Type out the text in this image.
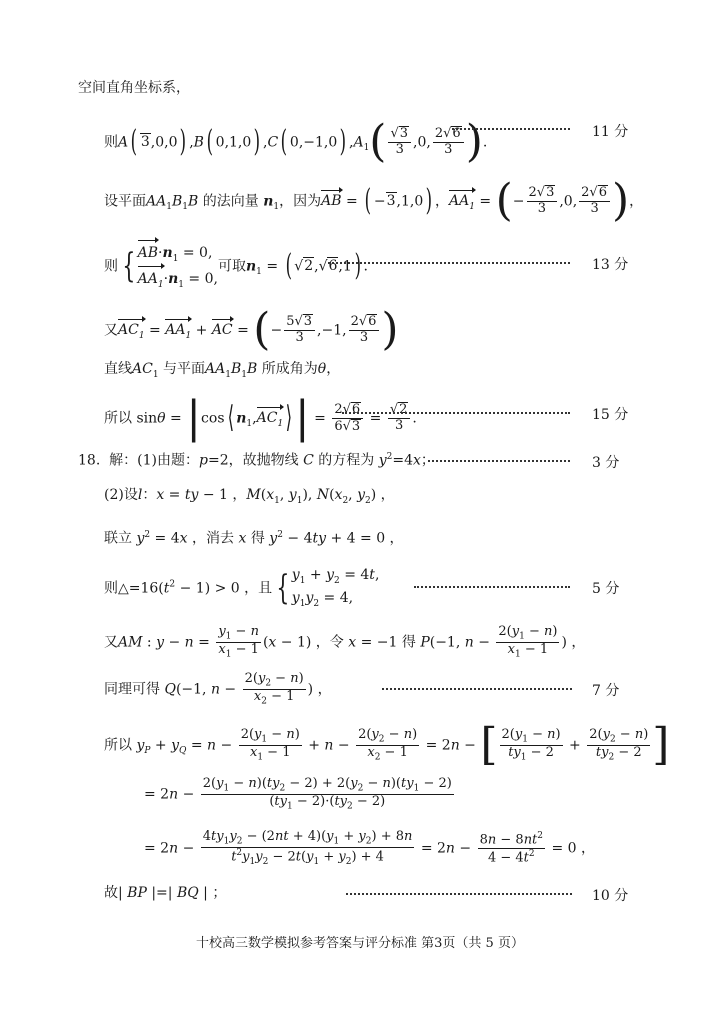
空间直角坐标系，
则A( 3,0,0) ,B( 0,1,0) ,C( 0,−1,0) $,A_1( \frac{√3}{3} ,0$, $\frac{2√6}{3}$ ).
11 分
设平面$AA_1B_1B$ 的法向量 $n_1$，因为AB = ( −3,1,0) ，$AA_1$ = (− $\frac{2√3}{3} ,0$, $\frac{2√6}{3}$ )，
则 { $AB\cdot n_1 = 0$,
$AA_1\cdot n_1 = 0$,
可取$n_1$ = ( √2,√6,1) .	13 分
又$AC_1 = AA_1$ + AC = (− $\frac{5√3}{3} ,-1$, $\frac{2√6}{3}$ )
直线$AC_1$ 与平面$AA_1B_1B$ 所成角为θ，
所以 sinθ = |cos⟨ $n_1,AC_1⟩| = \frac{2√6}{6√3} = \frac{√2}{3}$ .	15 分
18.  解：(1)由题：p=2，故抛物线 C 的方程为 $y^2=4x$；	3 分
(2)设l：x = ty − 1 ，$M(x_1$, $y_1$), $N(x_2$, $y_2$) ，
联立 $y^2 = 4x$ ，消去 x 得 $y^2 - 4ty + 4 = 0$ ，
则$\triangle=16(t^2 - 1) > 0$ ，且 { $y_1 + y_2 = 4t$,
$y_1y_2 = 4$,
5 分
又AM : $y - n = \frac{y_1 - n}{x_1 - 1} (x - 1)$ ，令 x = −1 得 P(−1, $n - \frac{2(y_1 - n)}{x_1 - 1}$ ) ，
同理可得 Q(−1, $n - \frac{2(y_2 - n)}{x_2 - 1}$ ) ，	7 分
所以 $y_P + y_Q = n - \frac{2(y_1 - n)}{x_1 - 1} + n - \frac{2(y_2 - n)}{x_2 - 1} = 2n$ − [ $\frac{2(y_1 - n)}{ty_1 - 2} + \frac{2(y_2 - n)}{ty_2 - 2}$ ]
= $2n - \frac{2(y_1 - n)(ty_2 - 2) + 2(y_2 - n)(ty_1 - 2)}{(ty_1 - 2)\cdot(ty_2 - 2)}$
= $2n - \frac{4ty_1y_2 - (2nt + 4)(y_1 + y_2) + 8n}{t^2y_1y_2 - 2t(y_1 + y_2) + 4} = 2n - \frac{8n - 8nt^2}{4 - 4t^2} = 0$ ，
故| BP |=| BQ | ；	10 分
十校高三数学模拟参考答案与评分标准 第3页（共 5 页）
